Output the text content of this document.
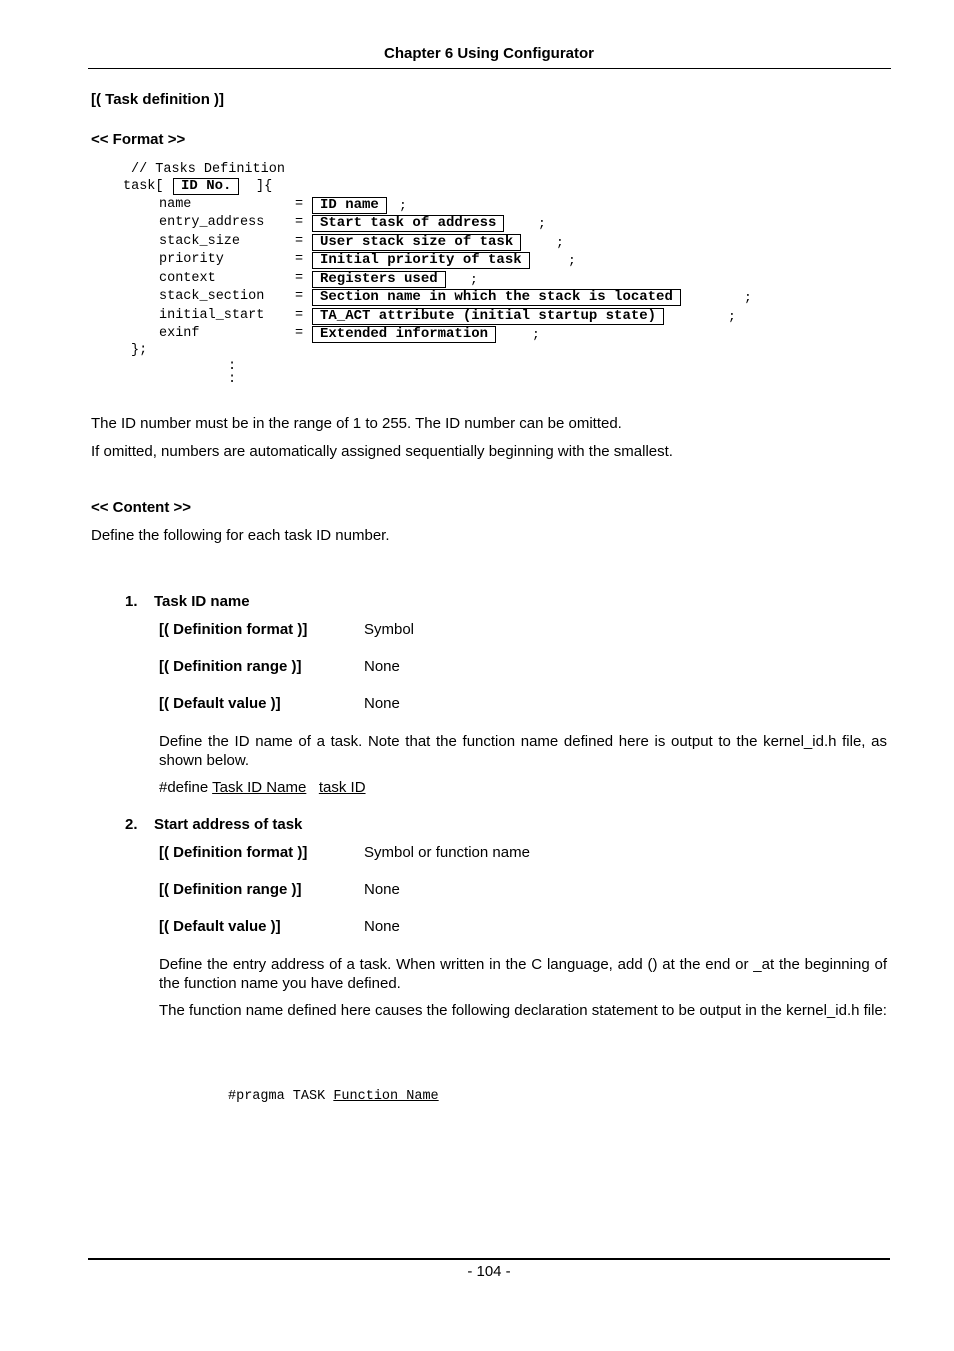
Chapter 6 Using Configurator
[( Task definition )]
<< Format >>
// Tasks Definition
task[	ID No.	]{
name	=	ID name	;
entry_address =	Start task of address	;
stack_size	=	User stack size of task	;
priority	=	Initial priority of task	;
context	=	Registers used	;
stack_section =	Section name in which the stack is located	;
initial_start =	TA_ACT attribute (initial startup state)	;
exinf	=	Extended information	;
};
:
:
The ID number must be in the range of 1 to 255. The ID number can be omitted.
If omitted, numbers are automatically assigned sequentially beginning with the smallest.
<< Content >>
Define the following for each task ID number.
1. Task ID name
[( Definition format )]	Symbol
[( Definition range )]	None
[( Default value )]	None
Define the ID name of a task. Note that the function name defined here is output to the kernel_id.h file, as shown below.
#define Task ID Name task ID
2. Start address of task
[( Definition format )]	Symbol or function name
[( Definition range )]	None
[( Default value )]	None
Define the entry address of a task. When written in the C language, add () at the end or _at the beginning of the function name you have defined.
The function name defined here causes the following declaration statement to be output in the kernel_id.h file:
#pragma TASK Function Name
- 104 -
